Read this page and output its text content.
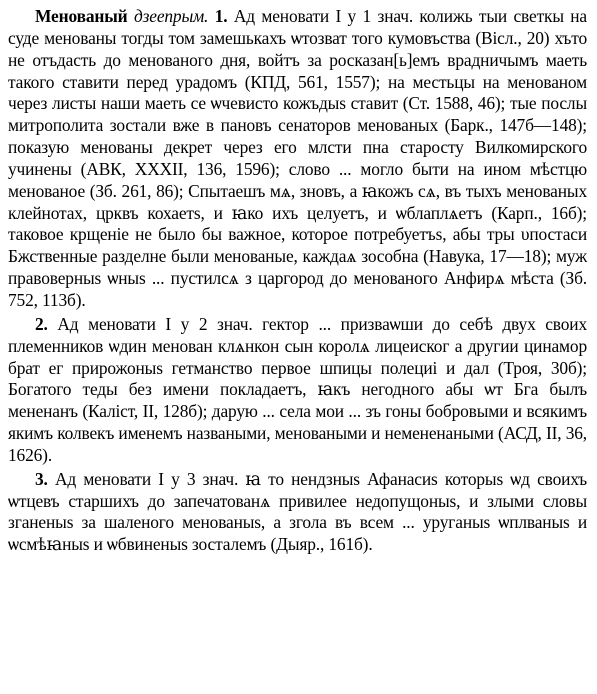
Менованый дзеепрым. 1. Ад меновати I у 1 знач. колижь тыи светкы на суде менованы тогды том замешькахъ ѡтозват того кумовъства (Віcл., 20) хъто не отъдасть до менованого дня, войтъ за росказан[ь]емъ врадничымъ маеть такого ставити перед урадомъ (КПД, 561, 1557); на местьцы на менованом через листы наши маеть се ѡчевисто кожъдыs ставит (Ст. 1588, 46); тые послы митрополита зостали вже в пановъ сенаторов менованых (Барк., 147б—148); показую менованы декрет через его млсти пна старосту Вилкомирского учинены (АВК, XXXII, 136, 1596); слово ... могло быти на ином мѣстцю менованое (Зб. 261, 86); Спытаешъ мѧ, зновъ, а ꙗкожъ сѧ, въ тыхъ менованых клейнотах, црквъ кохаетs, и ꙗко ихъ целуетъ, и ѡблаплѧетъ (Карп., 16б); таковое крщеніе не было бы важное, которое потребуетъs, абы тры υпостаси Бжственные разделне были менованые, каждаѧ зособна (Навука, 17—18); муж правоверныs ѡныs ... пустилсѧ з царгород до менованого Анфирѧ мѣста (Зб. 752, 113б).

2. Ад меновати I у 2 знач. гектор ... призваѡши до себѣ двух своих племенников ѡдин менован клѧнкон сын королѧ лицеиског а другии цинамор брат ег прирожоныs гетманство первое шпицы полециі и дал (Троя, 30б); Богатого теды без имени покладаетъ, ꙗкъ негодного абы ѡт Бга былъ мененанъ (Каліст, II, 128б); дарую ... села мои ... зъ гоны бобровыми и всякимъ якимъ колвекъ именемъ назваными, меноваными и немененаными (АСД, II, 36, 1626).

3. Ад меновати I у 3 знач. ꙗ то нендзныs Афанасиs которыs ѡд своихъ ѡтцевъ старшихъ до запечатованѧ привилее недопущоныs, и злыми словы зганеныs за шаленого менованыs, а згола въ всем ... уруганыs ѡплваныs и ѡсмѣꙗныs и ѡбвиненыs зосталемъ (Дыяр., 161б).
